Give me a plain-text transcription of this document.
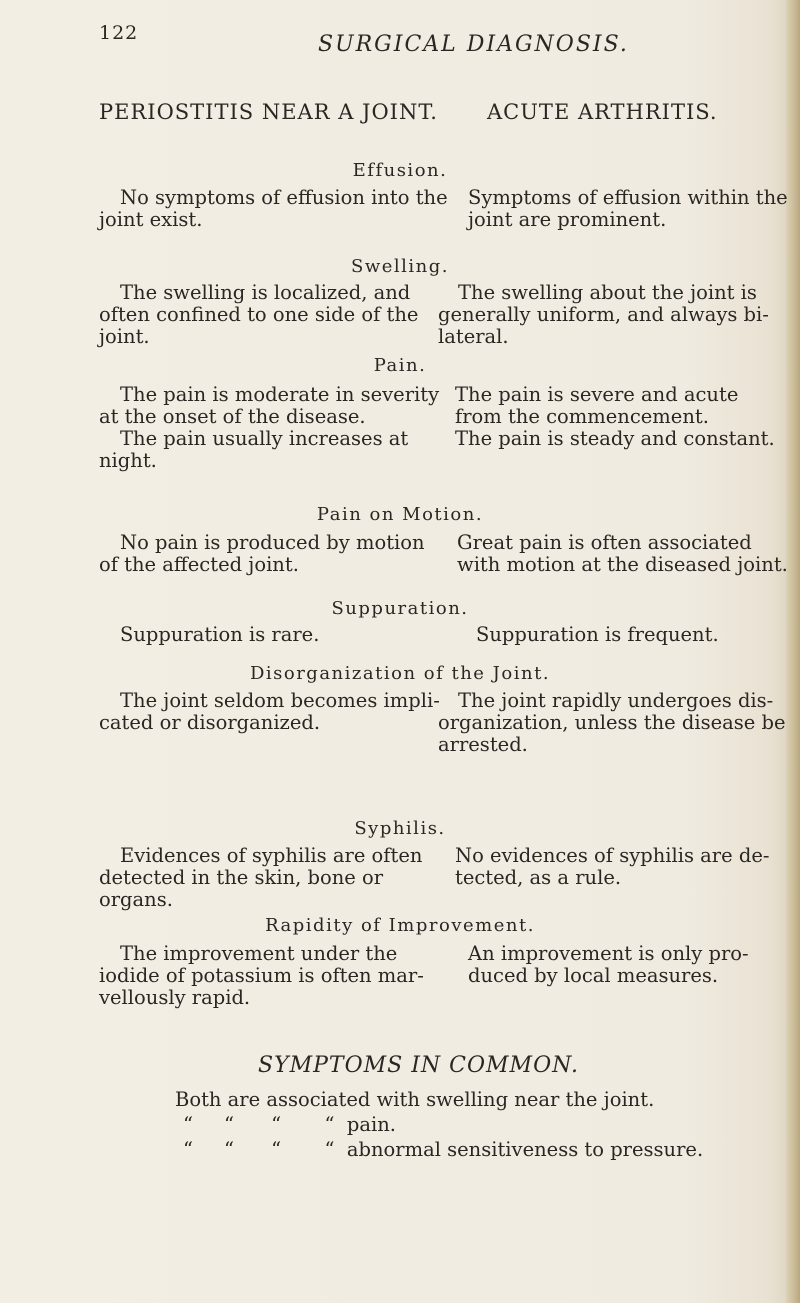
122	SURGICAL DIAGNOSIS.
PERIOSTITIS NEAR A JOINT. ACUTE ARTHRITIS.
Effusion.
No symptoms of effusion into the
joint exist.
Symptoms of effusion within the
joint are prominent.
Swelling.
The swelling is localized, and
often confined to one side of the
joint.
The swelling about the joint is
generally uniform, and always bi-
lateral.
Pain.
The pain is moderate in severity
at the onset of the disease.
The pain usually increases at
night.
The pain is severe and acute
from the commencement.
The pain is steady and constant.
Pain on Motion.
No pain is produced by motion
of the affected joint.
Great pain is often associated
with motion at the diseased joint.
Suppuration.
Suppuration is rare.	Suppuration is frequent.
Disorganization of the Joint.
The joint seldom becomes impli-
cated or disorganized.
The joint rapidly undergoes dis-
organization, unless the disease be
arrested.
Syphilis.
Evidences of syphilis are often
detected in the skin, bone or
organs.
No evidences of syphilis are de-
tected, as a rule.
Rapidity of Improvement.
The improvement under the
iodide of potassium is often mar-
vellously rapid.
An improvement is only pro-
duced by local measures.
SYMPTOMS IN COMMON.
Both are associated with swelling near the joint.
“     “      “       “  pain.
“     “      “       “  abnormal sensitiveness to pressure.
